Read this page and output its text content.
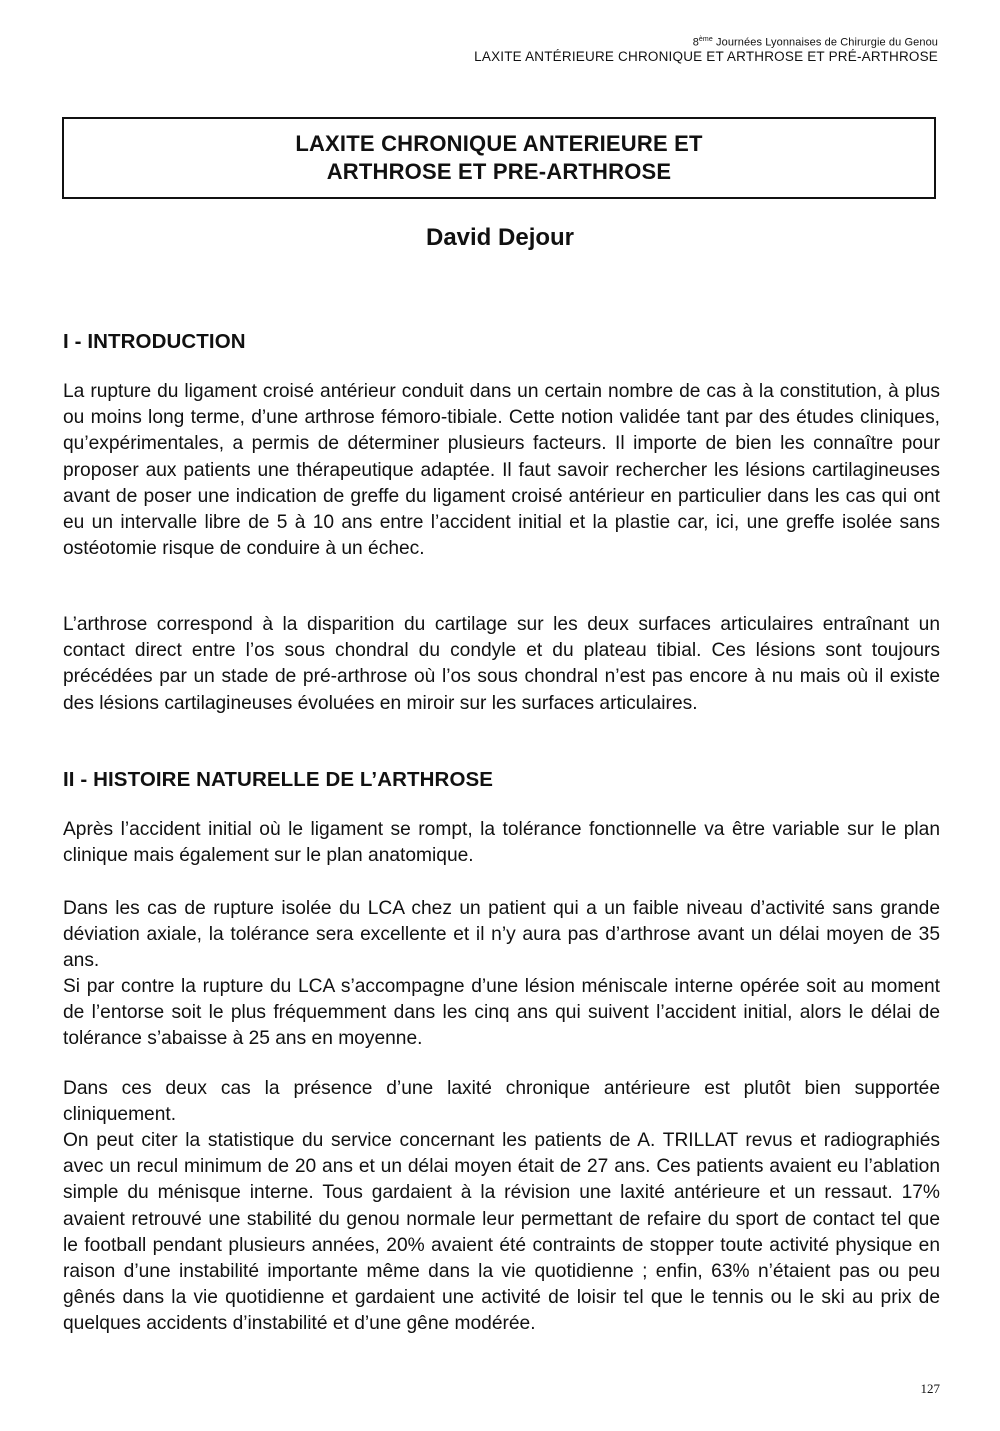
8ème Journées Lyonnaises de Chirurgie du Genou
LAXITE ANTÉRIEURE CHRONIQUE ET ARTHROSE ET PRÉ-ARTHROSE
LAXITE CHRONIQUE ANTERIEURE ET
ARTHROSE ET PRE-ARTHROSE
David Dejour
I - INTRODUCTION

La rupture du ligament croisé antérieur conduit dans un certain nombre de cas à la constitution, à plus ou moins long terme, d’une arthrose fémoro-tibiale. Cette notion validée tant par des études cliniques, qu’expérimentales, a permis de déterminer plusieurs facteurs. Il importe de bien les connaître pour proposer aux patients une thérapeutique adaptée. Il faut savoir rechercher les lésions cartilagineuses avant de poser une indication de greffe du ligament croisé antérieur en particulier dans les cas qui ont eu un intervalle libre de 5 à 10 ans entre l’accident initial et la plastie car, ici, une greffe isolée sans ostéotomie risque de conduire à un échec.

L’arthrose correspond à la disparition du cartilage sur les deux surfaces articulaires entraînant un contact direct entre l’os sous chondral du condyle et du plateau tibial. Ces lésions sont toujours précédées par un stade de pré-arthrose où l’os sous chondral n’est pas encore à nu mais où il existe des lésions cartilagineuses évoluées en miroir sur les surfaces articulaires.

II - HISTOIRE NATURELLE DE L’ARTHROSE

Après l’accident initial où le ligament se rompt, la tolérance fonctionnelle va être variable sur le plan clinique mais également sur le plan anatomique.

Dans les cas de rupture isolée du LCA chez un patient qui a un faible niveau d’activité sans grande déviation axiale, la tolérance sera excellente et il n’y aura pas d’arthrose avant un délai moyen de 35 ans.

Si par contre la rupture du LCA s’accompagne d’une lésion méniscale interne opérée soit au moment de l’entorse soit le plus fréquemment dans les cinq ans qui suivent l’accident initial, alors le délai de tolérance s’abaisse à 25 ans en moyenne.

Dans ces deux cas la présence d’une laxité chronique antérieure est plutôt bien supportée cliniquement.

On peut citer la statistique du service concernant les patients de A. TRILLAT revus et radiographiés avec un recul minimum de 20 ans et un délai moyen était de 27 ans. Ces patients avaient eu l’ablation simple du ménisque interne. Tous gardaient à la révision une laxité antérieure et un ressaut. 17% avaient retrouvé une stabilité du genou normale leur permettant de refaire du sport de contact tel que le football pendant plusieurs années, 20% avaient été contraints de stopper toute activité physique en raison d’une instabilité importante même dans la vie quotidienne ; enfin, 63% n’étaient pas ou peu gênés dans la vie quotidienne et gardaient une activité de loisir tel que le tennis ou le ski au prix de quelques accidents d’instabilité et d’une gêne modérée.

127
